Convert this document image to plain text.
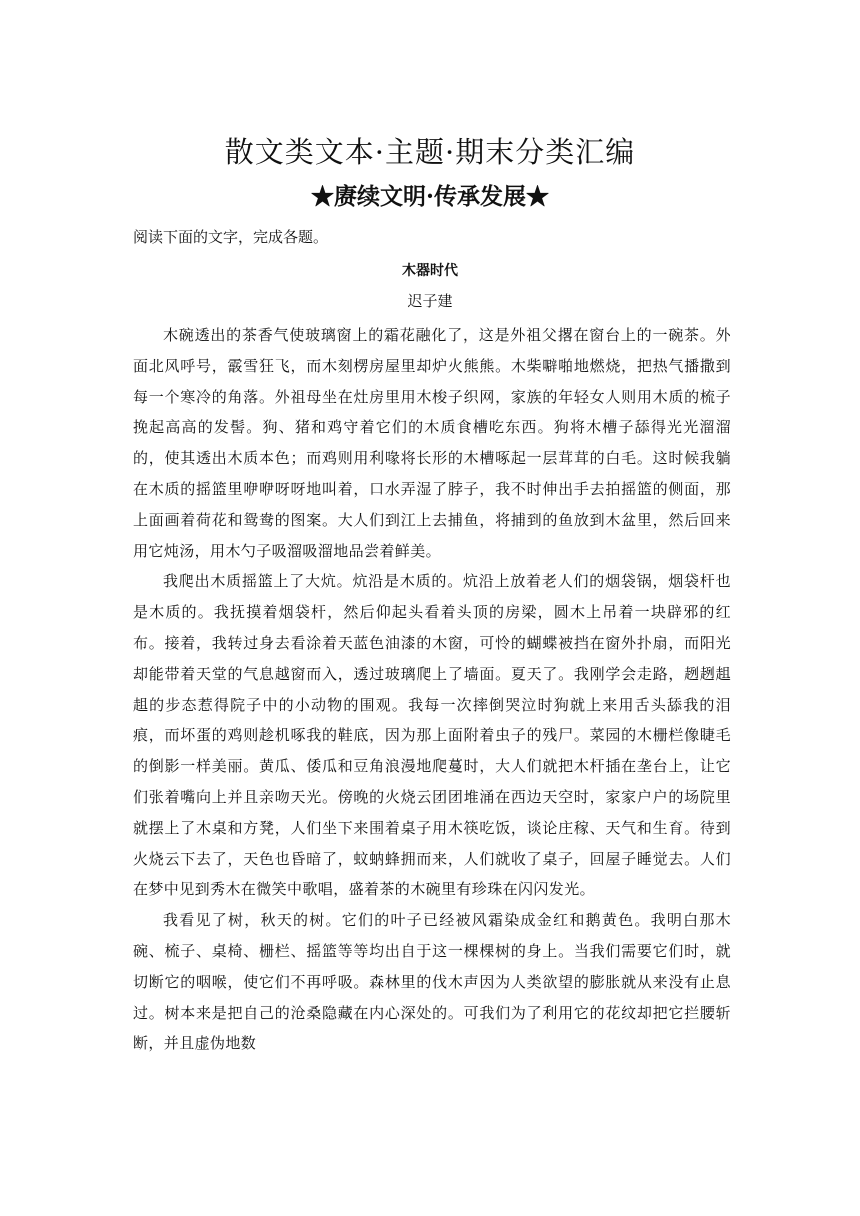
散文类文本·主题·期末分类汇编
★赓续文明·传承发展★

阅读下面的文字，完成各题。

木器时代

迟子建

木碗透出的茶香气使玻璃窗上的霜花融化了，这是外祖父撂在窗台上的一碗茶。外面北风呼号，霰雪狂飞，而木刻楞房屋里却炉火熊熊。木柴噼啪地燃烧，把热气播撒到每一个寒冷的角落。外祖母坐在灶房里用木梭子织网，家族的年轻女人则用木质的梳子挽起高高的发髻。狗、猪和鸡守着它们的木质食槽吃东西。狗将木槽子舔得光光溜溜的，使其透出木质本色；而鸡则用利喙将长形的木槽啄起一层茸茸的白毛。这时候我躺在木质的摇篮里咿咿呀呀地叫着，口水弄湿了脖子，我不时伸出手去拍摇篮的侧面，那上面画着荷花和鸳鸯的图案。大人们到江上去捕鱼，将捕到的鱼放到木盆里，然后回来用它炖汤，用木勺子吸溜吸溜地品尝着鲜美。

我爬出木质摇篮上了大炕。炕沿是木质的。炕沿上放着老人们的烟袋锅，烟袋杆也是木质的。我抚摸着烟袋杆，然后仰起头看着头顶的房梁，圆木上吊着一块辟邪的红布。接着，我转过身去看涂着天蓝色油漆的木窗，可怜的蝴蝶被挡在窗外扑扇，而阳光却能带着天堂的气息越窗而入，透过玻璃爬上了墙面。夏天了。我刚学会走路，趔趔趄趄的步态惹得院子中的小动物的围观。我每一次摔倒哭泣时狗就上来用舌头舔我的泪痕，而坏蛋的鸡则趁机啄我的鞋底，因为那上面附着虫子的残尸。菜园的木栅栏像睫毛的倒影一样美丽。黄瓜、倭瓜和豆角浪漫地爬蔓时，大人们就把木杆插在垄台上，让它们张着嘴向上并且亲吻天光。傍晚的火烧云团团堆涌在西边天空时，家家户户的场院里就摆上了木桌和方凳，人们坐下来围着桌子用木筷吃饭，谈论庄稼、天气和生育。待到火烧云下去了，天色也昏暗了，蚊蚋蜂拥而来，人们就收了桌子，回屋子睡觉去。人们在梦中见到秀木在微笑中歌唱，盛着茶的木碗里有珍珠在闪闪发光。

我看见了树，秋天的树。它们的叶子已经被风霜染成金红和鹅黄色。我明白那木碗、梳子、桌椅、栅栏、摇篮等等均出自于这一棵棵树的身上。当我们需要它们时，就切断它的咽喉，使它们不再呼吸。森林里的伐木声因为人类欲望的膨胀就从来没有止息过。树本来是把自己的沧桑隐藏在内心深处的。可我们为了利用它的花纹却把它拦腰斩断，并且虚伪地数
